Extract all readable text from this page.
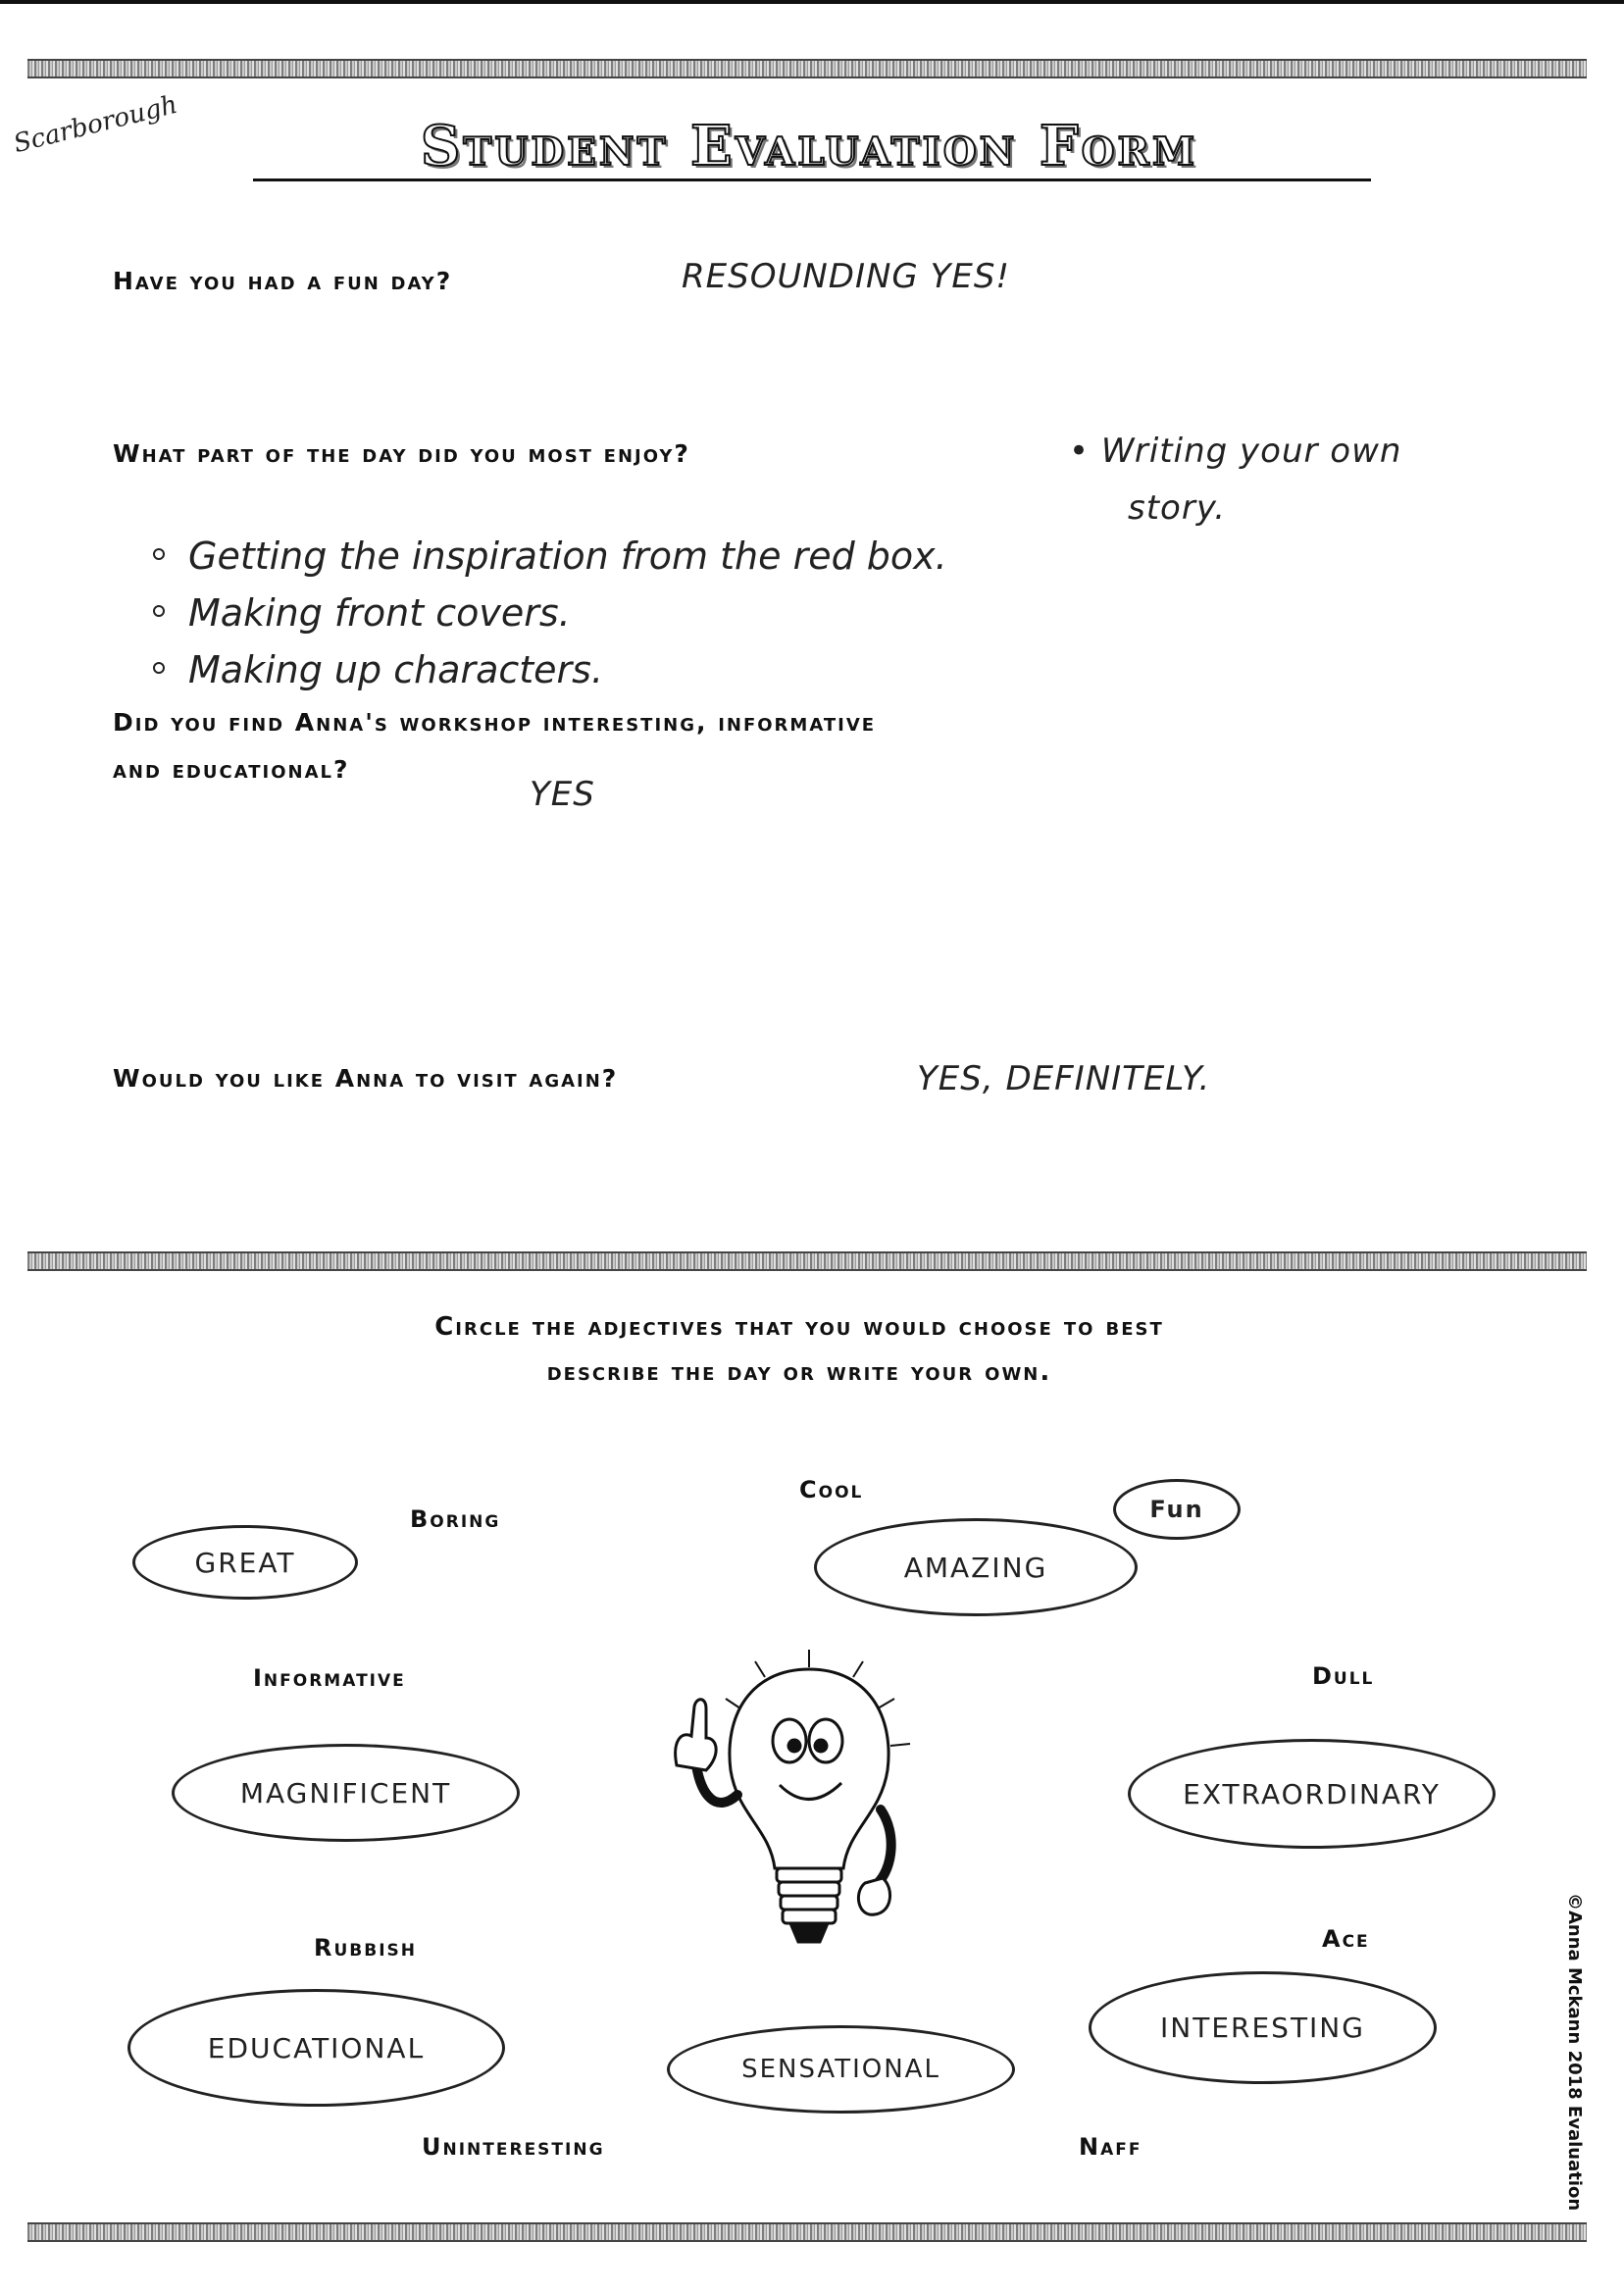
Scarborough	Student Evaluation Form
Have you had a fun day?	RESOUNDING YES!
What part of the day did you most enjoy?	• Writing your own
story.
Getting the inspiration from the red box.
Making front covers.
Making up characters.
Did you find Anna's workshop interesting, informative
and educational?
YES
Would you like Anna to visit again?	YES, DEFINITELY.
Circle the adjectives that you would choose to best
describe the day or write your own.
Boring
Cool
Informative	Dull
Rubbish	Ace
Uninteresting	Naff
Fun
GREAT	AMAZING
MAGNIFICENT	EXTRAORDINARY
EDUCATIONAL
SENSATIONAL
INTERESTING	©Anna Mckann 2018 Evaluation
